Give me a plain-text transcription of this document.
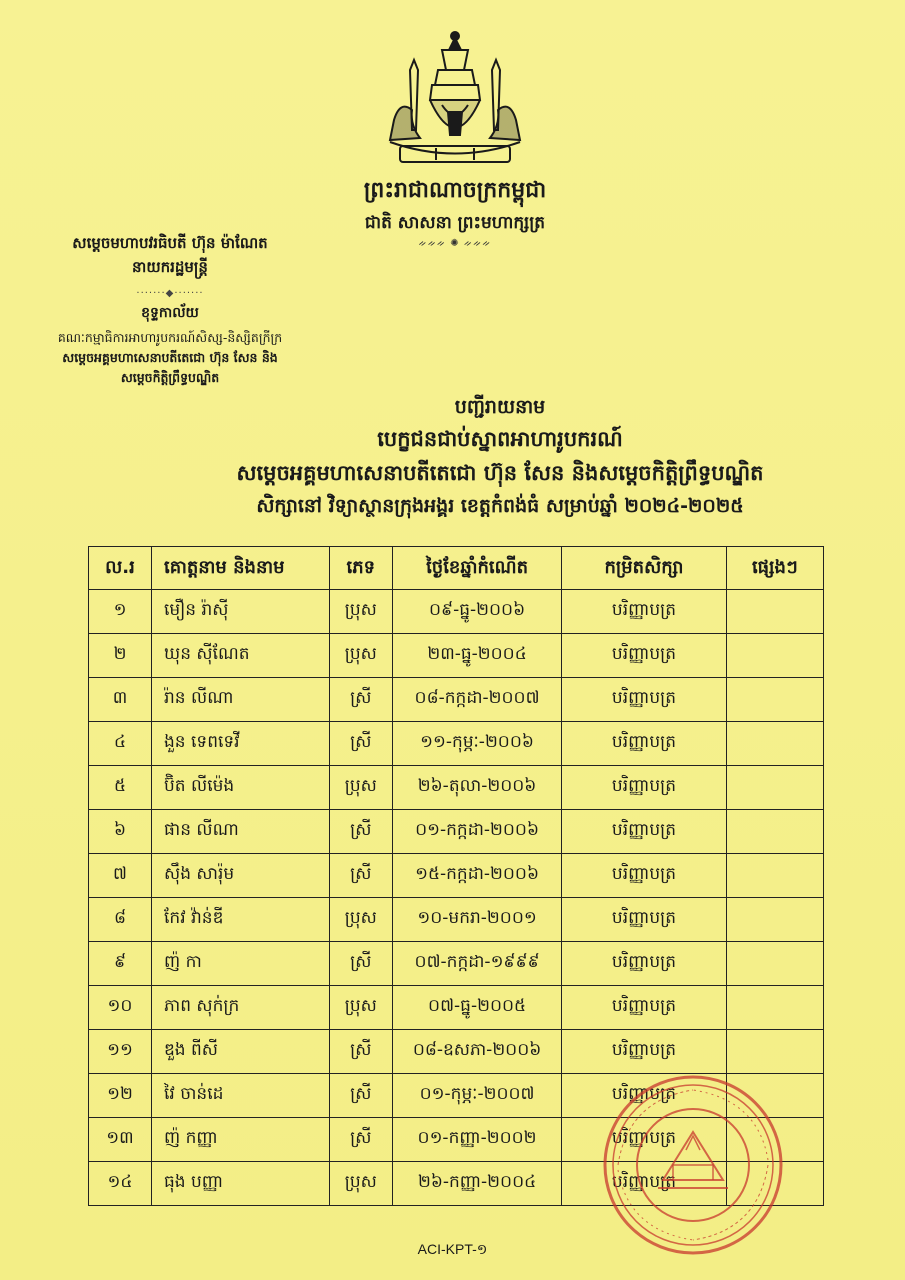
ព្រះរាជាណាចក្រកម្ពុជា
ជាតិ សាសនា ព្រះមហាក្សត្រ
ᨀᨀᨀ ✺ ᨀᨀᨀ
សម្តេចមហាបវរធិបតី ហ៊ុន ម៉ាណែត
នាយករដ្ឋមន្ត្រី
·······◆·······
ខុទ្ទកាល័យ
គណៈកម្មាធិការអាហារូបករណ៍សិស្ស-និស្សិតក្រីក្រ
សម្តេចអគ្គមហាសេនាបតីតេជោ ហ៊ុន សែន និង
សម្តេចកិត្តិព្រឹទ្ធបណ្ឌិត
បញ្ជីរាយនាម
បេក្ខជនជាប់ស្នាពអាហារូបករណ៍
សម្តេចអគ្គមហាសេនាបតីតេជោ ហ៊ុន សែន និងសម្តេចកិត្តិព្រឹទ្ធបណ្ឌិត
សិក្សានៅ វិទ្យាស្ថានក្រុងអង្គរ ខេត្តកំពង់ធំ សម្រាប់ឆ្នាំ ២០២៤-២០២៥
ល.រ	គោត្តនាម និងនាម	ភេទ	ថ្ងៃខែឆ្នាំកំណើត	កម្រិតសិក្សា	ផ្សេងៗ
១	មឿន រ៉ាស៊ី	ប្រុស	០៩-ធ្នូ-២០០៦	បរិញ្ញាបត្រ	
២	ឃុន ស៊ីណែត	ប្រុស	២៣-ធ្នូ-២០០៤	បរិញ្ញាបត្រ	
៣	រ៉ាន លីណា	ស្រី	០៨-កក្កដា-២០០៧	បរិញ្ញាបត្រ	
៤	ងួន ទេពទេវី	ស្រី	១១-កុម្ភៈ-២០០៦	បរិញ្ញាបត្រ	
៥	ប៊ិត លីម៉េង	ប្រុស	២៦-តុលា-២០០៦	បរិញ្ញាបត្រ	
៦	ផាន លីណា	ស្រី	០១-កក្កដា-២០០៦	បរិញ្ញាបត្រ	
៧	ស៊ឹង សារ៉ុម	ស្រី	១៥-កក្កដា-២០០៦	បរិញ្ញាបត្រ	
៨	កែវ វ៉ាន់ឌី	ប្រុស	១០-មករា-២០០១	បរិញ្ញាបត្រ	
៩	ញ៉ កា	ស្រី	០៧-កក្កដា-១៩៩៩	បរិញ្ញាបត្រ	
១០	ភាព សុក់ក្រ	ប្រុស	០៧-ធ្នូ-២០០៥	បរិញ្ញាបត្រ	
១១	ឌួង ពីសី	ស្រី	០៨-ឧសភា-២០០៦	បរិញ្ញាបត្រ	
១២	វៃ ចាន់ដេ	ស្រី	០១-កុម្ភៈ-២០០៧	បរិញ្ញាបត្រ	
១៣	ញ៉ កញ្ញា	ស្រី	០១-កញ្ញា-២០០២	បរិញ្ញាបត្រ	
១៤	ធុង បញ្ញា	ប្រុស	២៦-កញ្ញា-២០០៤	បរិញ្ញាបត្រ	
ACI-KPT-១
